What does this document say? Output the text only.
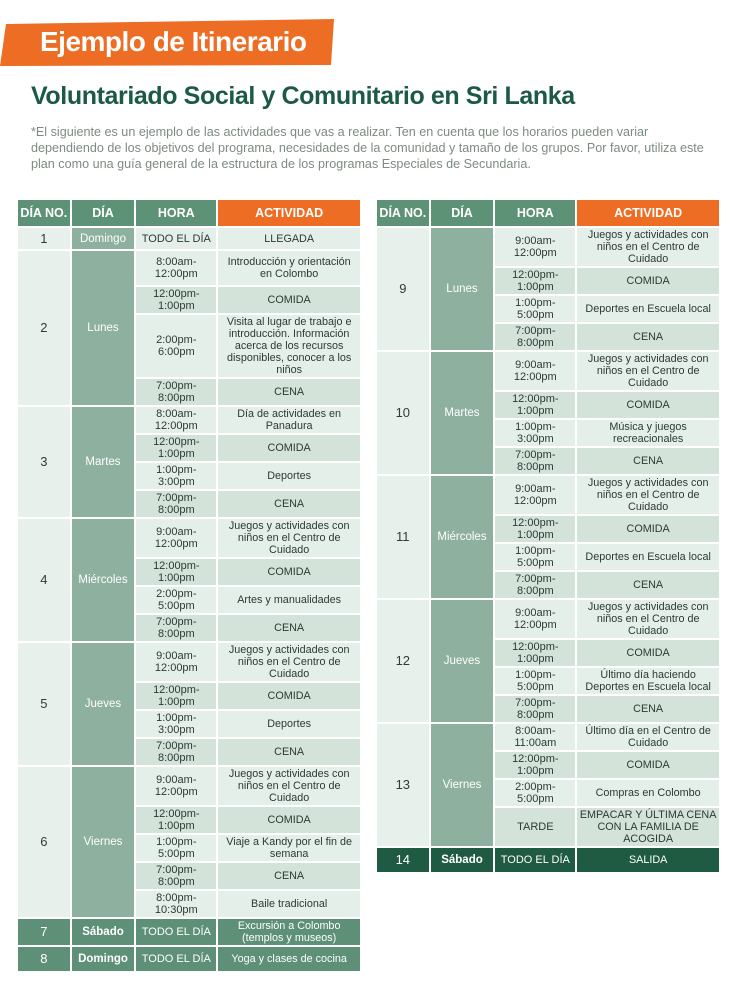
Ejemplo de Itinerario
Voluntariado Social y Comunitario en Sri Lanka
*El siguiente es un ejemplo de las actividades que vas a realizar. Ten en cuenta que los horarios pueden variar dependiendo de los objetivos del programa, necesidades de la comunidad y tamaño de los grupos. Por favor, utiliza este plan como una guía general de la estructura de los programas Especiales de Secundaria.
DÍA NO.	DÍA	HORA	ACTIVIDAD
1	Domingo	TODO EL DÍA	LLEGADA
2	Lunes	8:00am-12:00pm	Introducción y orientación en Colombo
		12:00pm-1:00pm	COMIDA
		2:00pm-6:00pm	Visita al lugar de trabajo e introducción. Información acerca de los recursos disponibles, conocer a los niños
		7:00pm-8:00pm	CENA
3	Martes	8:00am-12:00pm	Día de actividades en Panadura
		12:00pm-1:00pm	COMIDA
		1:00pm-3:00pm	Deportes
		7:00pm-8:00pm	CENA
4	Miércoles	9:00am-12:00pm	Juegos y actividades con niños en el Centro de Cuidado
		12:00pm-1:00pm	COMIDA
		2:00pm-5:00pm	Artes y manualidades
		7:00pm-8:00pm	CENA
5	Jueves	9:00am-12:00pm	Juegos y actividades con niños en el Centro de Cuidado
		12:00pm-1:00pm	COMIDA
		1:00pm-3:00pm	Deportes
		7:00pm-8:00pm	CENA
6	Viernes	9:00am-12:00pm	Juegos y actividades con niños en el Centro de Cuidado
		12:00pm-1:00pm	COMIDA
		1:00pm-5:00pm	Viaje a Kandy por el fin de semana
		7:00pm-8:00pm	CENA
		8:00pm-10:30pm	Baile tradicional
7	Sábado	TODO EL DÍA	Excursión a Colombo (templos y museos)
8	Domingo	TODO EL DÍA	Yoga y clases de cocina
DÍA NO.	DÍA	HORA	ACTIVIDAD
9	Lunes	9:00am-12:00pm	Juegos y actividades con niños en el Centro de Cuidado
		12:00pm-1:00pm	COMIDA
		1:00pm-5:00pm	Deportes en Escuela local
		7:00pm-8:00pm	CENA
10	Martes	9:00am-12:00pm	Juegos y actividades con niños en el Centro de Cuidado
		12:00pm-1:00pm	COMIDA
		1:00pm-3:00pm	Música y juegos recreacionales
		7:00pm-8:00pm	CENA
11	Miércoles	9:00am-12:00pm	Juegos y actividades con niños en el Centro de Cuidado
		12:00pm-1:00pm	COMIDA
		1:00pm-5:00pm	Deportes en Escuela local
		7:00pm-8:00pm	CENA
12	Jueves	9:00am-12:00pm	Juegos y actividades con niños en el Centro de Cuidado
		12:00pm-1:00pm	COMIDA
		1:00pm-5:00pm	Último día haciendo Deportes en Escuela local
		7:00pm-8:00pm	CENA
13	Viernes	8:00am-11:00am	Último día en el Centro de Cuidado
		12:00pm-1:00pm	COMIDA
		2:00pm-5:00pm	Compras en Colombo
		TARDE	EMPACAR Y ÚLTIMA CENA CON LA FAMILIA DE ACOGIDA
14	Sábado	TODO EL DÍA	SALIDA
